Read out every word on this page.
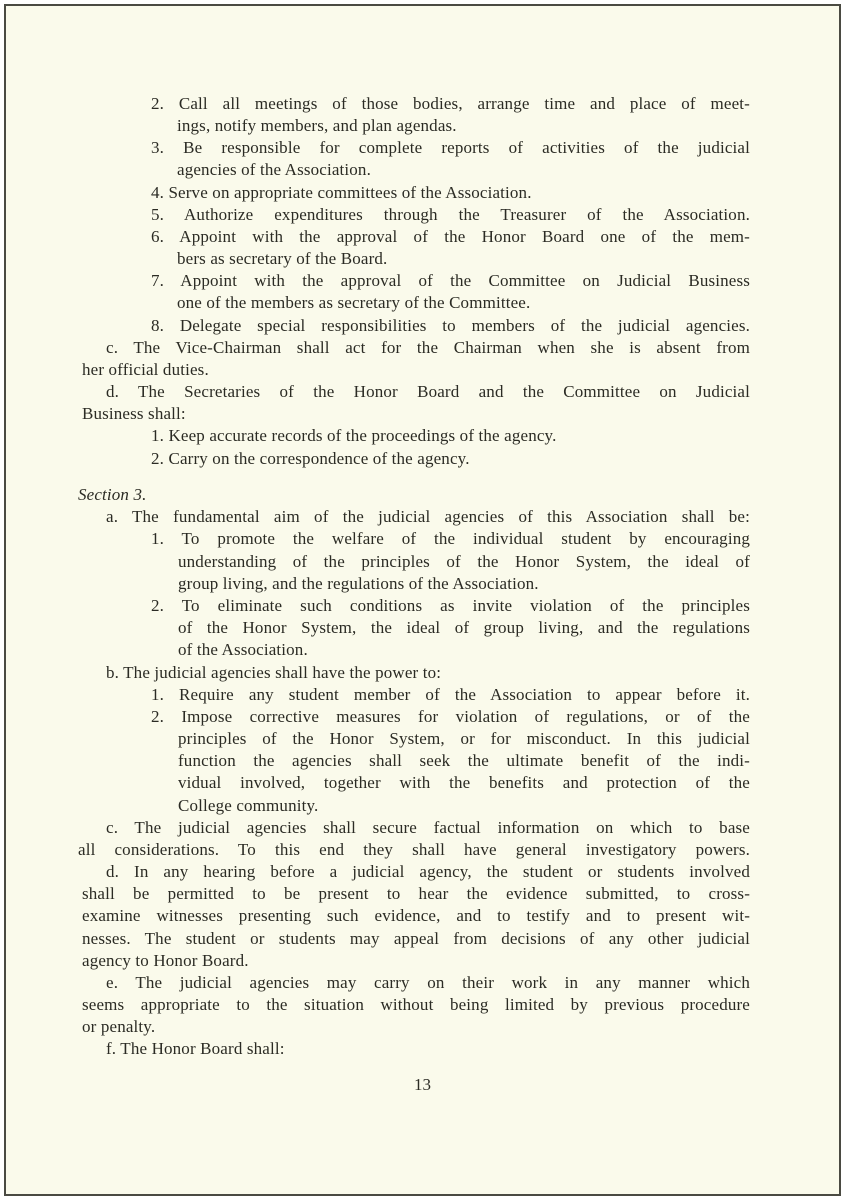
2. Call all meetings of those bodies, arrange time and place of meet-
ings, notify members, and plan agendas.
3. Be responsible for complete reports of activities of the judicial
agencies of the Association.
4. Serve on appropriate committees of the Association.
5. Authorize expenditures through the Treasurer of the Association.
6. Appoint with the approval of the Honor Board one of the mem-
bers as secretary of the Board.
7. Appoint with the approval of the Committee on Judicial Business
one of the members as secretary of the Committee.
8. Delegate special responsibilities to members of the judicial agencies.
c. The Vice-Chairman shall act for the Chairman when she is absent from
her official duties.
d. The Secretaries of the Honor Board and the Committee on Judicial
Business shall:
1. Keep accurate records of the proceedings of the agency.
2. Carry on the correspondence of the agency.
Section 3.
a. The fundamental aim of the judicial agencies of this Association shall be:
1. To promote the welfare of the individual student by encouraging
understanding of the principles of the Honor System, the ideal of
group living, and the regulations of the Association.
2. To eliminate such conditions as invite violation of the principles
of the Honor System, the ideal of group living, and the regulations
of the Association.
b. The judicial agencies shall have the power to:
1. Require any student member of the Association to appear before it.
2. Impose corrective measures for violation of regulations, or of the
principles of the Honor System, or for misconduct. In this judicial
function the agencies shall seek the ultimate benefit of the indi-
vidual involved, together with the benefits and protection of the
College community.
c. The judicial agencies shall secure factual information on which to base
all considerations. To this end they shall have general investigatory powers.
d. In any hearing before a judicial agency, the student or students involved
shall be permitted to be present to hear the evidence submitted, to cross-
examine witnesses presenting such evidence, and to testify and to present wit-
nesses. The student or students may appeal from decisions of any other judicial
agency to Honor Board.
e. The judicial agencies may carry on their work in any manner which
seems appropriate to the situation without being limited by previous procedure
or penalty.
f. The Honor Board shall:
13
